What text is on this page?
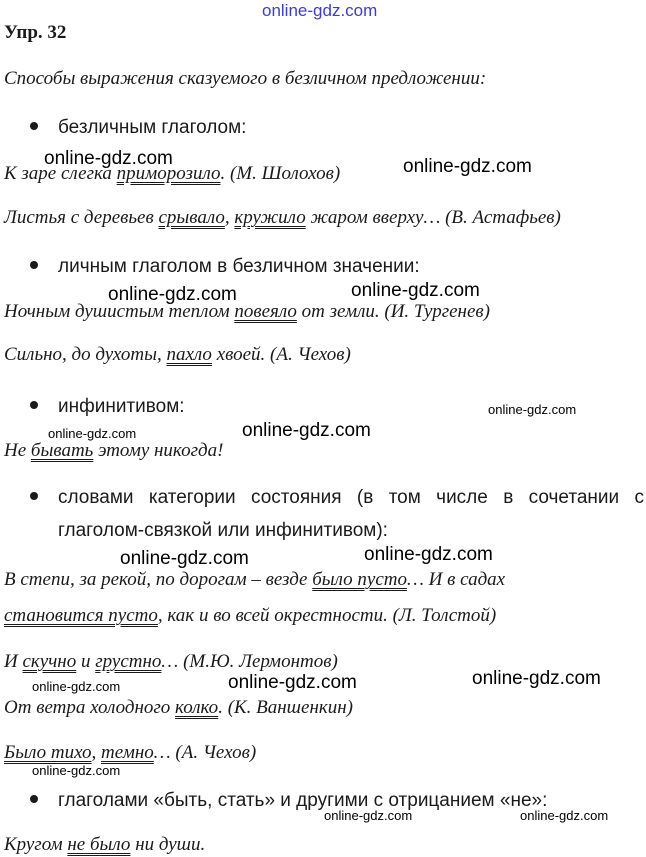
online-gdz.com
Упр. 32
Способы выражения сказуемого в безличном предложении:
безличным глаголом:
online-gdz.com
К заре слегка приморозило. (М. Шолохов)	online-gdz.com
Листья с деревьев срывало, кружило жаром вверху… (В. Астафьев)
личным глаголом в безличном значении:
online-gdz.com	online-gdz.com
Ночным душистым теплом повеяло от земли. (И. Тургенев)
Сильно, до духоты, пахло хвоей. (А. Чехов)
инфинитивом:	online-gdz.com
online-gdz.com	online-gdz.com
Не бывать этому никогда!
словами категории состояния (в том числе в сочетании с
глаголом-связкой или инфинитивом):
online-gdz.com	online-gdz.com
В степи, за рекой, по дорогам – везде было пусто… И в садах
становится пусто, как и во всей окрестности. (Л. Толстой)
И скучно и грустно… (М.Ю. Лермонтов)
online-gdz.com	online-gdz.com	online-gdz.com
От ветра холодного колко. (К. Ваншенкин)
Было тихо, темно… (А. Чехов)
online-gdz.com
глаголами «быть, стать» и другими с отрицанием «не»:
online-gdz.com	online-gdz.com
Кругом не было ни души.
